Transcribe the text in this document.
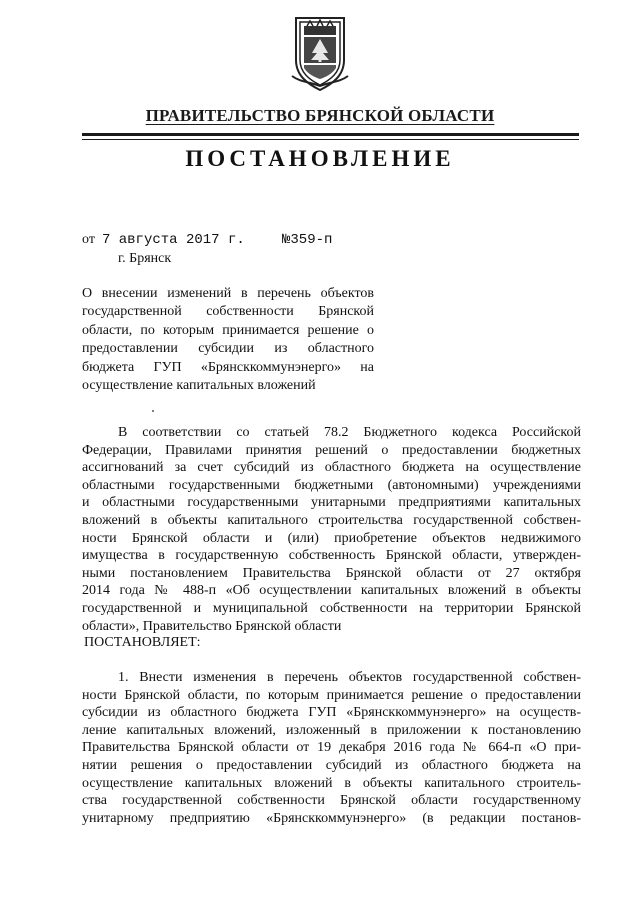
ПРАВИТЕЛЬСТВО БРЯНСКОЙ ОБЛАСТИ
ПОСТАНОВЛЕНИЕ
от 7 августа 2017 г.	№359-п
г. Брянск
О внесении изменений в перечень объектов
государственной собственности Брянской
области, по которым принимается решение о
предоставлении субсидии из областного
бюджета ГУП «Брянсккоммунэнерго» на
осуществление капитальных вложений
В соответствии со статьей 78.2 Бюджетного кодекса Российской
Федерации, Правилами принятия решений о предоставлении бюджетных
ассигнований за счет субсидий из областного бюджета на осуществление
областными государственными бюджетными (автономными) учреждениями
и областными государственными унитарными предприятиями капитальных
вложений в объекты капитального строительства государственной собствен-
ности Брянской области и (или) приобретение объектов недвижимого
имущества в государственную собственность Брянской области, утвержден-
ными постановлением Правительства Брянской области от 27 октября
2014 года № 488-п «Об осуществлении капитальных вложений в объекты
государственной и муниципальной собственности на территории Брянской
области», Правительство Брянской области
ПОСТАНОВЛЯЕТ:
1. Внести изменения в перечень объектов государственной собствен-
ности Брянской области, по которым принимается решение о предоставлении
субсидии из областного бюджета ГУП «Брянсккоммунэнерго» на осуществ-
ление капитальных вложений, изложенный в приложении к постановлению
Правительства Брянской области от 19 декабря 2016 года № 664-п «О при-
нятии решения о предоставлении субсидий из областного бюджета на
осуществление капитальных вложений в объекты капитального строитель-
ства государственной собственности Брянской области государственному
унитарному предприятию «Брянсккоммунэнерго» (в редакции постанов-
